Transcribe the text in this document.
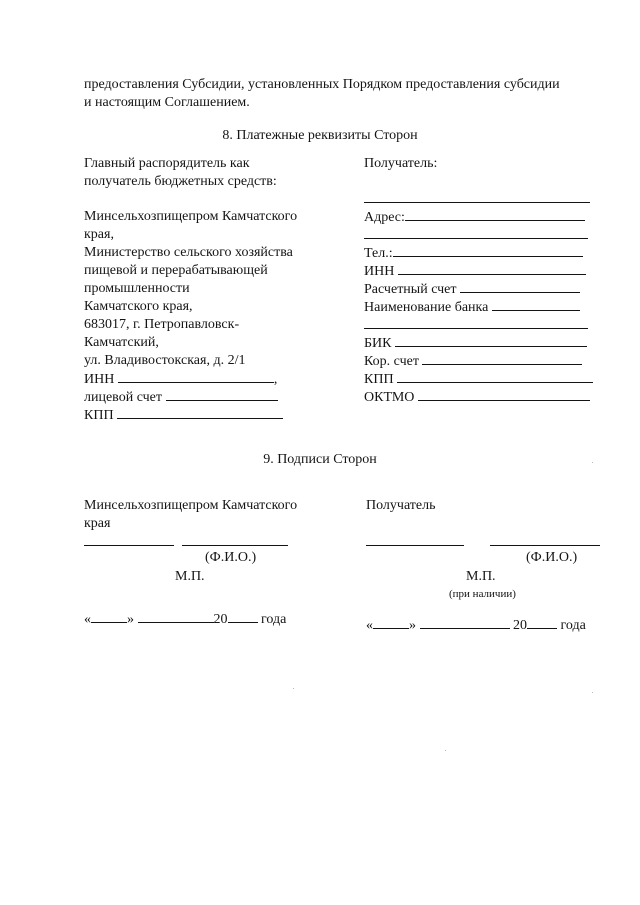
предоставления Субсидии, установленных Порядком предоставления субсидии
и настоящим Соглашением.
8. Платежные реквизиты Сторон
Главный распорядитель как
получатель бюджетных средств:
Минсельхозпищепром Камчатского
края,
Министерство сельского хозяйства
пищевой и перерабатывающей
промышленности
Камчатского края,
683017, г. Петропавловск-
Камчатский,
ул. Владивостокская, д. 2/1
ИНН	,
лицевой счет
КПП
Получатель:
Адрес:
Тел.:
ИНН
Расчетный счет
Наименование банка
БИК
Кор. счет
КПП
ОКТМО
9. Подписи Сторон
Минсельхозпищепром Камчатского
края
(Ф.И.О.)
М.П.
«	»	20 года
Получатель
(Ф.И.О.)
М.П.
(при наличии)
«	»	20 года
